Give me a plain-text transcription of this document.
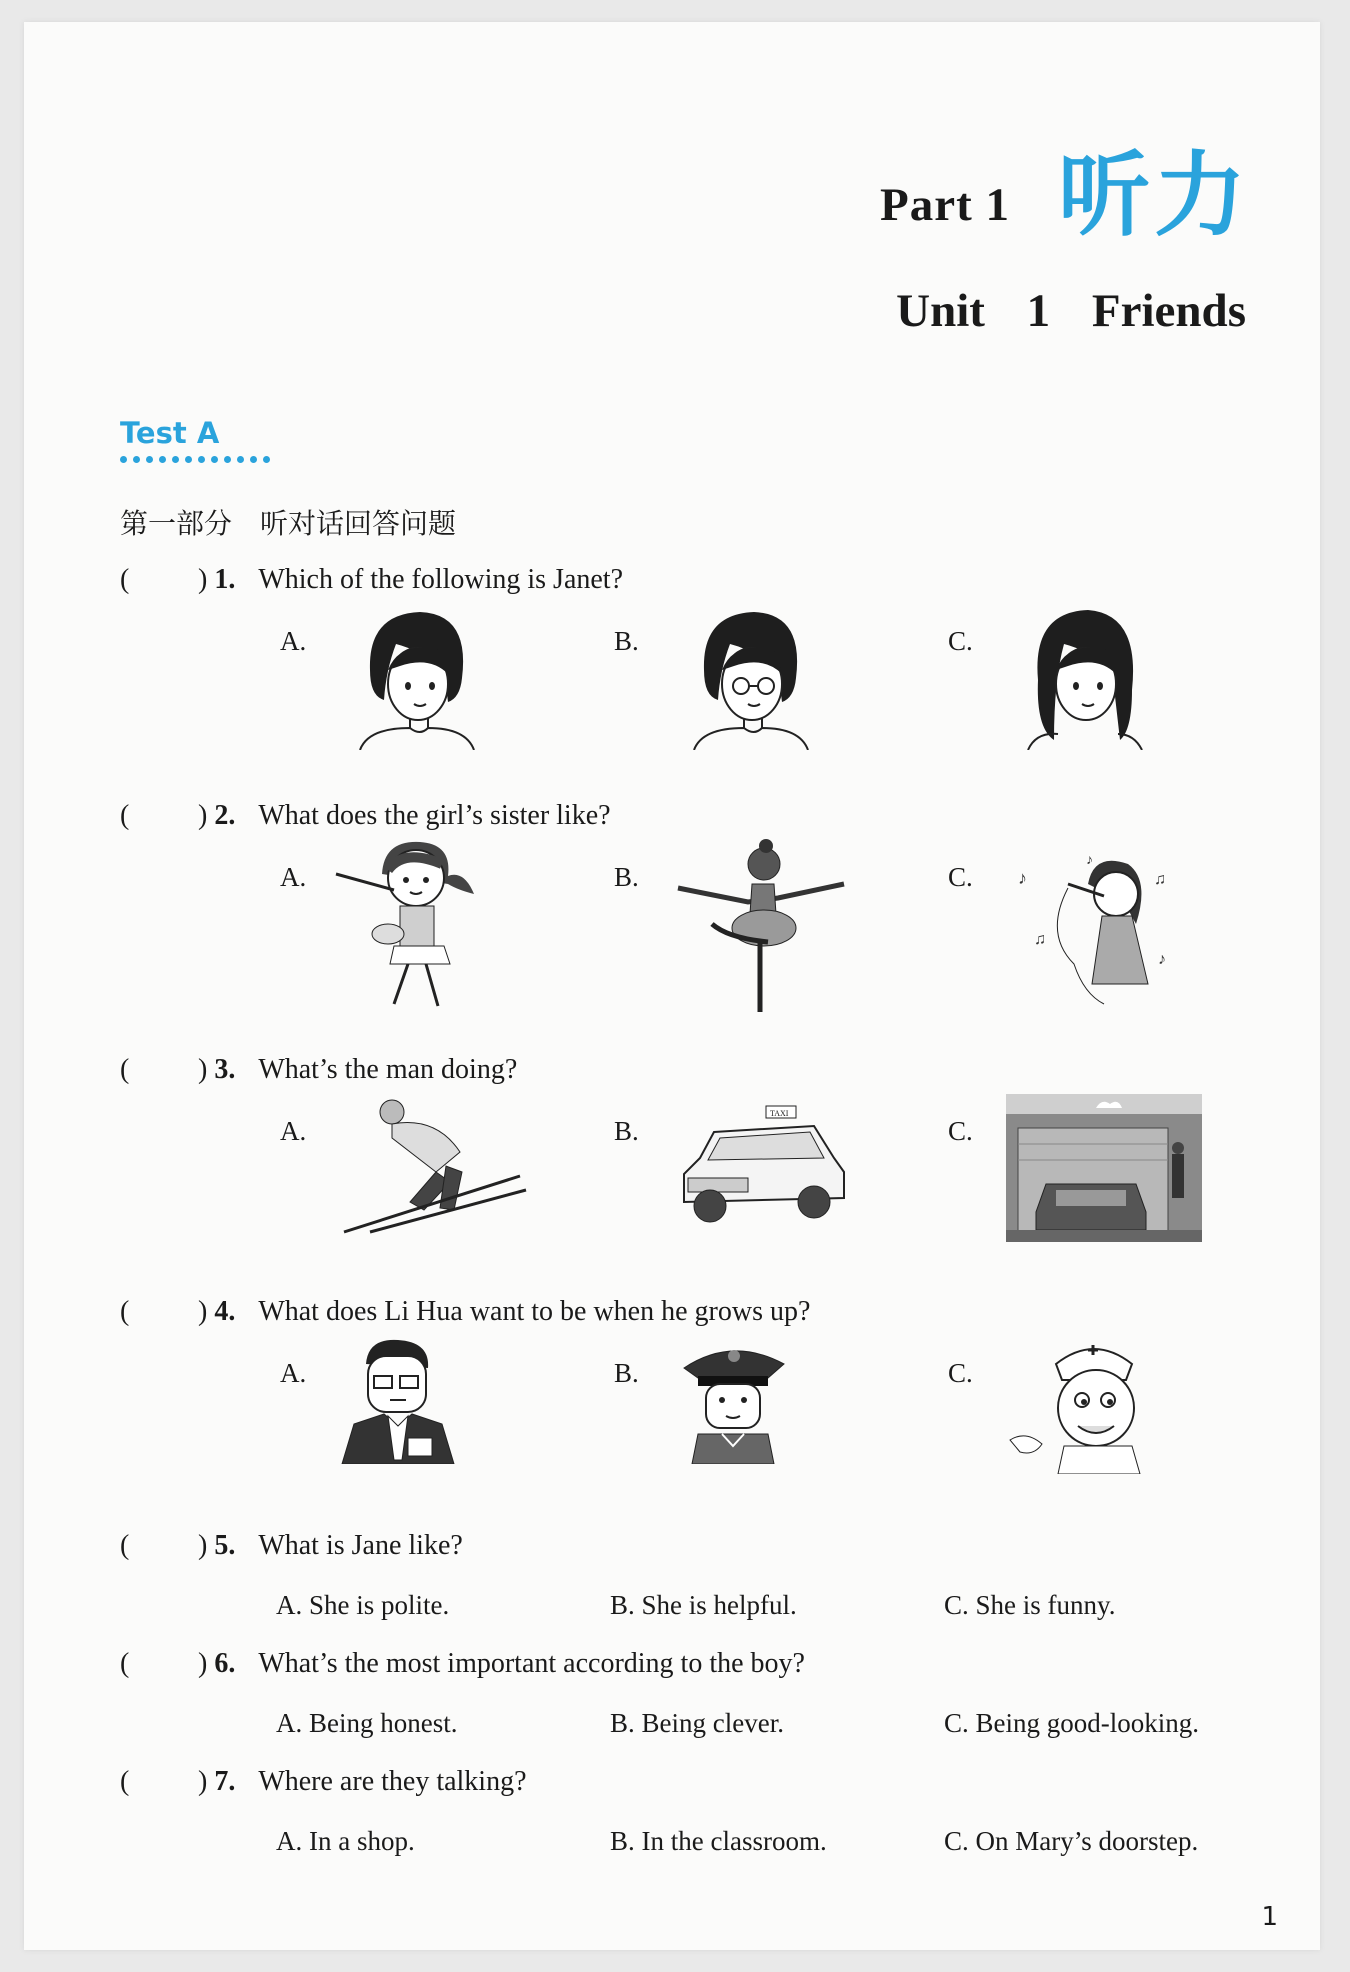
Part 1 听力
Unit 1 Friends
Test A
第一部分 听对话回答问题
( ) 1. Which of the following is Janet?
A.	B.	C.
( ) 2. What does the girl’s sister like?
A.	B.	C.	♪
♫
♫
♪
♪
( ) 3. What’s the man doing?
A.	B.	C.
TAXI
( ) 4. What does Li Hua want to be when he grows up?
A.	B.	C.
( ) 5. What is Jane like?
A. She is polite.	B. She is helpful.	C. She is funny.
( ) 6. What’s the most important according to the boy?
A. Being honest.	B. Being clever.	C. Being good-looking.
( ) 7. Where are they talking?
A. In a shop.	B. In the classroom.	C. On Mary’s doorstep.
1
